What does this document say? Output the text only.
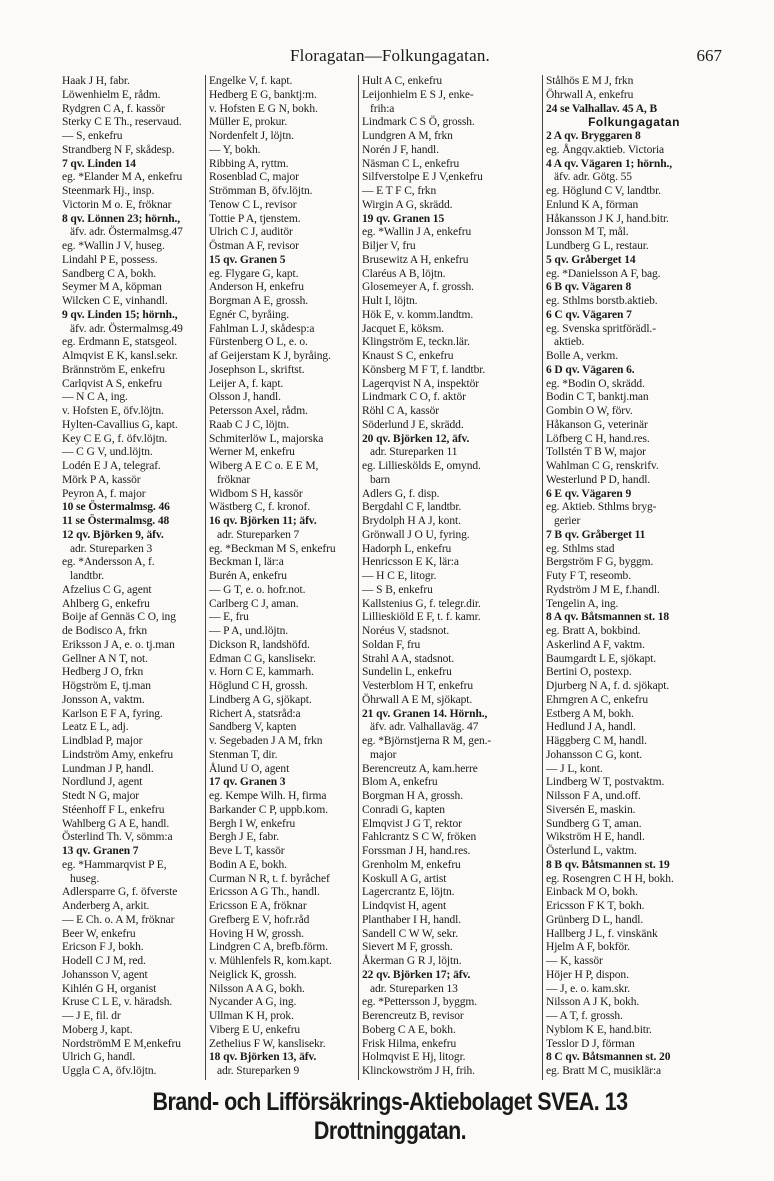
Floragatan—Folkungagatan.	667
Haak J H, fabr.
Löwenhielm E, rådm.
Rydgren C A, f. kassör
Sterky C E Th., reservaud.
— S, enkefru
Strandberg N F, skådesp.
7 qv. Linden 14
eg. *Elander M A, enkefru
Steenmark Hj., insp.
Victorin M o. E, fröknar
8 qv. Lönnen 23; hörnh.,
äfv. adr. Östermalmsg.47
eg. *Wallin J V, huseg.
Lindahl P E, possess.
Sandberg C A, bokh.
Seymer M A, köpman
Wilcken C E, vinhandl.
9 qv. Linden 15; hörnh.,
äfv. adr. Östermalmsg.49
eg. Erdmann E, statsgeol.
Almqvist E K, kansl.sekr.
Brännström E, enkefru
Carlqvist A S, enkefru
— N C A, ing.
v. Hofsten E, öfv.löjtn.
Hylten-Cavallius G, kapt.
Key C E G, f. öfv.löjtn.
— C G V, und.löjtn.
Lodén E J A, telegraf.
Mörk P A, kassör
Peyron A, f. major
10 se Östermalmsg. 46
11 se Östermalmsg. 48
12 qv. Björken 9, äfv.
adr. Stureparken 3
eg. *Andersson A, f.
landtbr.
Afzelius C G, agent
Ahlberg G, enkefru
Boije af Gennäs C O, ing
de Bodisco A, frkn
Eriksson J A, e. o. tj.man
Gellner A N T, not.
Hedberg J O, frkn
Högström E, tj.man
Jonsson A, vaktm.
Karlson E F A, fyring.
Leatz E L, adj.
Lindblad P, major
Lindström Amy, enkefru
Lundman J P, handl.
Nordlund J, agent
Stedt N G, major
Stéenhoff F L, enkefru
Wahlberg G A E, handl.
Österlind Th. V, sömm:a
13 qv. Granen 7
eg. *Hammarqvist P E,
huseg.
Adlersparre G, f. öfverste
Anderberg A, arkit.
— E Ch. o. A M, fröknar
Beer W, enkefru
Ericson F J, bokh.
Hodell C J M, red.
Johansson V, agent
Kihlén G H, organist
Kruse C L E, v. häradsh.
— J E, fil. dr
Moberg J, kapt.
NordströmM E M,enkefru
Ulrich G, handl.
Uggla C A, öfv.löjtn.
Engelke V, f. kapt.
Hedberg E G, banktj:m.
v. Hofsten E G N, bokh.
Müller E, prokur.
Nordenfelt J, löjtn.
— Y, bokh.
Ribbing A, ryttm.
Rosenblad C, major
Strömman B, öfv.löjtn.
Tenow C L, revisor
Tottie P A, tjenstem.
Ulrich C J, auditör
Östman A F, revisor
15 qv. Granen 5
eg. Flygare G, kapt.
Anderson H, enkefru
Borgman A E, grossh.
Egnér C, byråing.
Fahlman L J, skådesp:a
Fürstenberg O L, e. o.
af Geijerstam K J, byråing.
Josephson L, skriftst.
Leijer A, f. kapt.
Olsson J, handl.
Petersson Axel, rådm.
Raab C J C, löjtn.
Schmiterlöw L, majorska
Werner M, enkefru
Wiberg A E C o. E E M,
fröknar
Widbom S H, kassör
Wästberg C, f. kronof.
16 qv. Björken 11; äfv.
adr. Stureparken 7
eg. *Beckman M S, enkefru
Beckman I, lär:a
Burén A, enkefru
— G T, e. o. hofr.not.
Carlberg C J, aman.
— E, fru
— P A, und.löjtn.
Dickson R, landshöfd.
Edman C G, kanslisekr.
v. Horn C E, kammarh.
Höglund C H, grossh.
Lindberg A G, sjökapt.
Richert A, statsråd:a
Sandberg V, kapten
v. Segebaden J A M, frkn
Stenman T, dir.
Ålund U O, agent
17 qv. Granen 3
eg. Kempe Wilh. H, firma
Barkander C P, uppb.kom.
Bergh I W, enkefru
Bergh J E, fabr.
Beve L T, kassör
Bodin A E, bokh.
Curman N R, t. f. byråchef
Ericsson A G Th., handl.
Ericsson E A, fröknar
Grefberg E V, hofr.råd
Hoving H W, grossh.
Lindgren C A, brefb.förm.
v. Mühlenfels R, kom.kapt.
Neiglick K, grossh.
Nilsson A A G, bokh.
Nycander A G, ing.
Ullman K H, prok.
Viberg E U, enkefru
Zethelius F W, kanslisekr.
18 qv. Björken 13, äfv.
adr. Stureparken 9
Hult A C, enkefru
Leijonhielm E S J, enke-
frih:a
Lindmark C S Ö, grossh.
Lundgren A M, frkn
Norén J F, handl.
Näsman C L, enkefru
Silfverstolpe E J V,enkefru
— E T F C, frkn
Wirgin A G, skrädd.
19 qv. Granen 15
eg. *Wallin J A, enkefru
Biljer V, fru
Brusewitz A H, enkefru
Claréus A B, löjtn.
Glosemeyer A, f. grossh.
Hult I, löjtn.
Hök E, v. komm.landtm.
Jacquet E, köksm.
Klingström E, teckn.lär.
Knaust S C, enkefru
Könsberg M F T, f. landtbr.
Lagerqvist N A, inspektör
Lindmark C O, f. aktör
Röhl C A, kassör
Söderlund J E, skrädd.
20 qv. Björken 12, äfv.
adr. Stureparken 11
eg. Lillieskölds E, omynd.
barn
Adlers G, f. disp.
Bergdahl C F, landtbr.
Brydolph H A J, kont.
Grönwall J O U, fyring.
Hadorph L, enkefru
Henricsson E K, lär:a
— H C E, litogr.
— S B, enkefru
Kallstenius G, f. telegr.dir.
Lillieskiöld E F, t. f. kamr.
Noréus V, stadsnot.
Soldan F, fru
Strahl A A, stadsnot.
Sundelin L, enkefru
Vesterblom H T, enkefru
Öhrwall A E M, sjökapt.
21 qv. Granen 14. Hörnh.,
äfv. adr. Valhallaväg. 47
eg. *Björnstjerna R M, gen.-
major
Berencreutz A, kam.herre
Blom A, enkefru
Borgman H A, grossh.
Conradi G, kapten
Elmqvist J G T, rektor
Fahlcrantz S C W, fröken
Forssman J H, hand.res.
Grenholm M, enkefru
Koskull A G, artist
Lagercrantz E, löjtn.
Lindqvist H, agent
Planthaber I H, handl.
Sandell C W W, sekr.
Sievert M F, grossh.
Åkerman G R J, löjtn.
22 qv. Björken 17; äfv.
adr. Stureparken 13
eg. *Pettersson J, byggm.
Berencreutz B, revisor
Boberg C A E, bokh.
Frisk Hilma, enkefru
Holmqvist E Hj, litogr.
Klinckowström J H, frih.
Stålhös E M J, frkn
Öhrwall A, enkefru
24 se Valhallav. 45 A, B
Folkungagatan
2 A qv. Bryggaren 8
eg. Ångqv.aktieb. Victoria
4 A qv. Vägaren 1; hörnh.,
äfv. adr. Götg. 55
eg. Höglund C V, landtbr.
Enlund K A, förman
Håkansson J K J, hand.bitr.
Jonsson M T, mål.
Lundberg G L, restaur.
5 qv. Gråberget 14
eg. *Danielsson A F, bag.
6 B qv. Vägaren 8
eg. Sthlms borstb.aktieb.
6 C qv. Vägaren 7
eg. Svenska spritförädl.-
aktieb.
Bolle A, verkm.
6 D qv. Vägaren 6.
eg. *Bodin O, skrädd.
Bodin C T, banktj.man
Gombin O W, förv.
Håkanson G, veterinär
Löfberg C H, hand.res.
Tollstén T B W, major
Wahlman C G, renskrifv.
Westerlund P D, handl.
6 E qv. Vägaren 9
eg. Aktieb. Sthlms bryg-
gerier
7 B qv. Gråberget 11
eg. Sthlms stad
Bergström F G, byggm.
Futy F T, reseomb.
Rydström J M E, f.handl.
Tengelin A, ing.
8 A qv. Båtsmannen st. 18
eg. Bratt A, bokbind.
Askerlind A F, vaktm.
Baumgardt L E, sjökapt.
Bertini O, postexp.
Djurberg N A, f. d. sjökapt.
Ehrngren A C, enkefru
Estberg A M, bokh.
Hedlund J A, handl.
Häggberg C M, handl.
Johansson C G, kont.
— J L, kont.
Lindberg W T, postvaktm.
Nilsson F A, und.off.
Siversén E, maskin.
Sundberg G T, aman.
Wikström H E, handl.
Österlund L, vaktm.
8 B qv. Båtsmannen st. 19
eg. Rosengren C H H, bokh.
Einback M O, bokh.
Ericsson F K T, bokh.
Grünberg D L, handl.
Hallberg J L, f. vinskänk
Hjelm A F, bokför.
— K, kassör
Höjer H P, dispon.
— J, e. o. kam.skr.
Nilsson A J K, bokh.
— A T, f. grossh.
Nyblom K E, hand.bitr.
Tesslor D J, förman
8 C qv. Båtsmannen st. 20
eg. Bratt M C, musiklär:a
Brand- och Lifförsäkrings-Aktiebolaget SVEA. 13 Drottninggatan.
